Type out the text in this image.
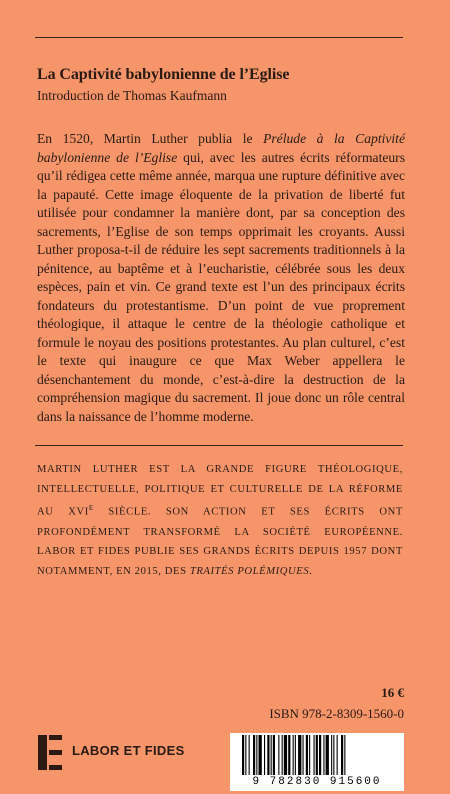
La Captivité babylonienne de l’Eglise

Introduction de Thomas Kaufmann

En 1520, Martin Luther publia le Prélude à la Captivité babylonienne de l’Eglise qui, avec les autres écrits réformateurs qu’il rédigea cette même année, marqua une rupture définitive avec la papauté. Cette image éloquente de la privation de liberté fut utilisée pour condamner la manière dont, par sa conception des sacrements, l’Eglise de son temps opprimait les croyants. Aussi Luther proposa-t-il de réduire les sept sacrements traditionnels à la pénitence, au baptême et à l’eucharistie, célébrée sous les deux espèces, pain et vin. Ce grand texte est l’un des principaux écrits fondateurs du protestantisme. D’un point de vue proprement théologique, il attaque le centre de la théologie catholique et formule le noyau des positions protestantes. Au plan culturel, c’est le texte qui inaugure ce que Max Weber appellera le désenchantement du monde, c’est-à-dire la destruction de la compréhension magique du sacrement. Il joue donc un rôle central dans la naissance de l’homme moderne.

MARTIN LUTHER EST LA GRANDE FIGURE THÉOLOGIQUE, INTELLECTUELLE, POLITIQUE ET CULTURELLE DE LA RÉFORME AU $XVI^E$ SIÈCLE. SON ACTION ET SES ÉCRITS ONT PROFONDÉMENT TRANSFORMÉ LA SOCIÉTÉ EUROPÉENNE. LABOR ET FIDES PUBLIE SES GRANDS ÉCRITS DEPUIS 1957 DONT NOTAMMENT, EN 2015, DES TRAITÉS POLÉMIQUES.

16 €
ISBN 978-2-8309-1560-0
LABOR ET FIDES
9 782830 915600
